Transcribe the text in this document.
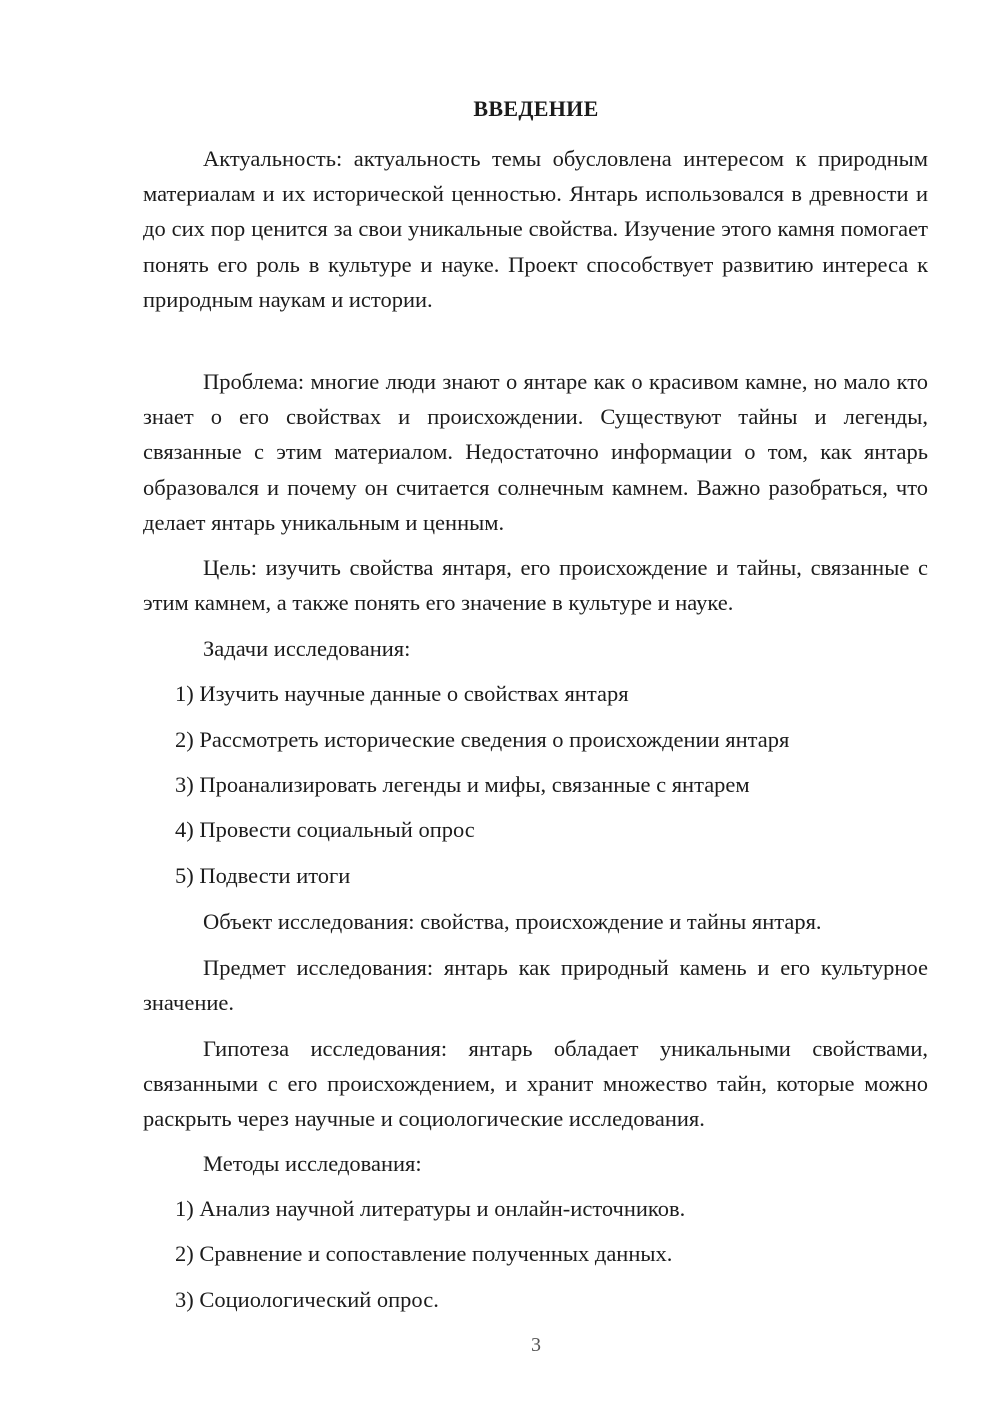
ВВЕДЕНИЕ

Актуальность: актуальность темы обусловлена интересом к природным материалам и их исторической ценностью. Янтарь использовался в древности и до сих пор ценится за свои уникальные свойства. Изучение этого камня помогает понять его роль в культуре и науке. Проект способствует развитию интереса к природным наукам и истории.

Проблема: многие люди знают о янтаре как о красивом камне, но мало кто знает о его свойствах и происхождении. Существуют тайны и легенды, связанные с этим материалом. Недостаточно информации о том, как янтарь образовался и почему он считается солнечным камнем. Важно разобраться, что делает янтарь уникальным и ценным.

Цель: изучить свойства янтаря, его происхождение и тайны, связанные с этим камнем, а также понять его значение в культуре и науке.

Задачи исследования:

1) Изучить научные данные о свойствах янтаря

2) Рассмотреть исторические сведения о происхождении янтаря

3) Проанализировать легенды и мифы, связанные с янтарем

4) Провести социальный опрос

5) Подвести итоги

Объект исследования: свойства, происхождение и тайны янтаря.

Предмет исследования: янтарь как природный камень и его культурное значение.

Гипотеза исследования: янтарь обладает уникальными свойствами, связанными с его происхождением, и хранит множество тайн, которые можно раскрыть через научные и социологические исследования.

Методы исследования:

1) Анализ научной литературы и онлайн-источников.

2) Сравнение и сопоставление полученных данных.

3) Социологический опрос.

3
